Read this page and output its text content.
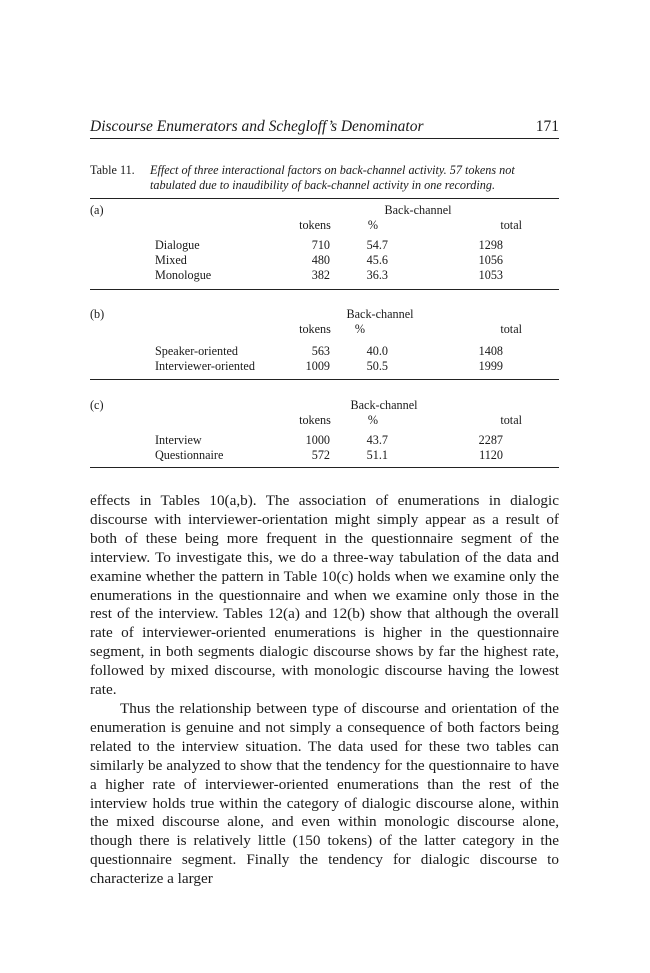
Discourse Enumerators and Schegloff’s Denominator	171
Table 11. Effect of three interactional factors on back-channel activity. 57 tokens not tabulated due to inaudibility of back-channel activity in one recording.
(a)	Back-channel
tokens	%	total
Dialogue	710	54.7	1298
Mixed	480	45.6	1056
Monologue	382	36.3	1053
(b)	Back-channel
tokens	%	total
Speaker-oriented	563	40.0	1408
Interviewer-oriented	1009	50.5	1999
(c)	Back-channel
tokens	%	total
Interview	1000	43.7	2287
Questionnaire	572	51.1	1120

effects in Tables 10(a,b). The association of enumerations in dialogic discourse with interviewer-orientation might simply appear as a result of both of these being more frequent in the questionnaire segment of the interview. To investigate this, we do a three-way tabulation of the data and examine whether the pattern in Table 10(c) holds when we examine only the enumerations in the questionnaire and when we examine only those in the rest of the interview. Tables 12(a) and 12(b) show that although the overall rate of interviewer-oriented enumerations is higher in the questionnaire segment, in both segments dialogic discourse shows by far the highest rate, followed by mixed discourse, with monologic discourse having the lowest rate.

Thus the relationship between type of discourse and orientation of the enumeration is genuine and not simply a consequence of both factors being related to the interview situation. The data used for these two tables can similarly be analyzed to show that the tendency for the questionnaire to have a higher rate of interviewer-oriented enumerations than the rest of the interview holds true within the category of dialogic discourse alone, within the mixed discourse alone, and even within monologic discourse alone, though there is relatively little (150 tokens) of the latter category in the questionnaire segment. Finally the tendency for dialogic discourse to characterize a larger
